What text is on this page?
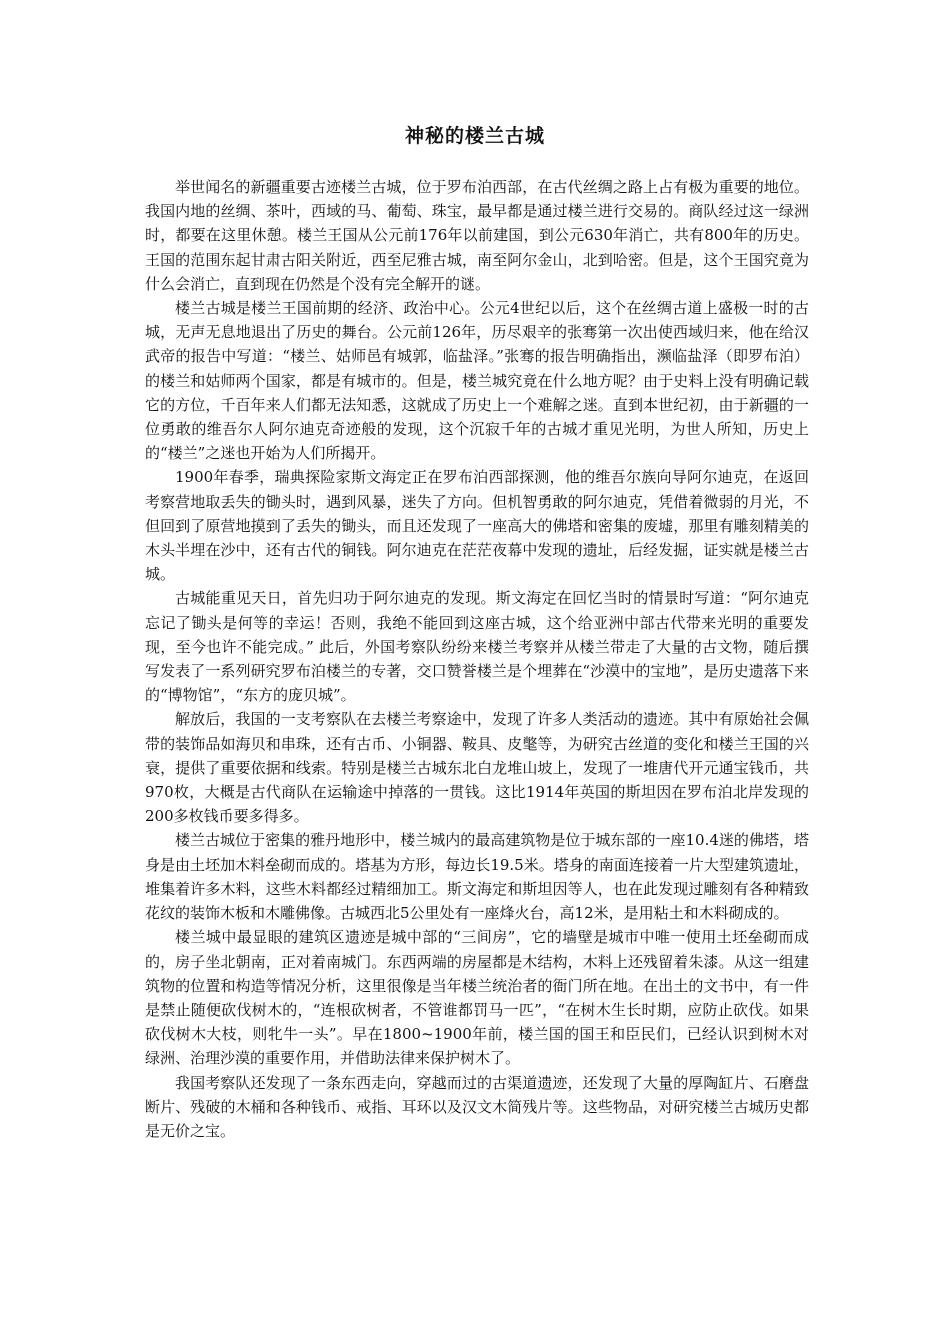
神秘的楼兰古城

举世闻名的新疆重要古迹楼兰古城，位于罗布泊西部，在古代丝绸之路上占有极为重要的地位。我国内地的丝绸、茶叶，西域的马、葡萄、珠宝，最早都是通过楼兰进行交易的。商队经过这一绿洲时，都要在这里休憩。楼兰王国从公元前176年以前建国，到公元630年消亡，共有800年的历史。王国的范围东起甘肃古阳关附近，西至尼雅古城，南至阿尔金山，北到哈密。但是，这个王国究竟为什么会消亡，直到现在仍然是个没有完全解开的谜。

楼兰古城是楼兰王国前期的经济、政治中心。公元4世纪以后，这个在丝绸古道上盛极一时的古城，无声无息地退出了历史的舞台。公元前126年，历尽艰辛的张骞第一次出使西域归来，他在给汉武帝的报告中写道：“楼兰、姑师邑有城郭，临盐泽。”张骞的报告明确指出，濒临盐泽（即罗布泊）的楼兰和姑师两个国家，都是有城市的。但是，楼兰城究竟在什么地方呢？由于史料上没有明确记载它的方位，千百年来人们都无法知悉，这就成了历史上一个难解之迷。直到本世纪初，由于新疆的一位勇敢的维吾尔人阿尔迪克奇迹般的发现，这个沉寂千年的古城才重见光明，为世人所知，历史上的“楼兰”之迷也开始为人们所揭开。

1900年春季，瑞典探险家斯文海定正在罗布泊西部探测，他的维吾尔族向导阿尔迪克，在返回考察营地取丢失的锄头时，遇到风暴，迷失了方向。但机智勇敢的阿尔迪克，凭借着微弱的月光，不但回到了原营地摸到了丢失的锄头，而且还发现了一座高大的佛塔和密集的废墟，那里有雕刻精美的木头半埋在沙中，还有古代的铜钱。阿尔迪克在茫茫夜幕中发现的遗址，后经发掘，证实就是楼兰古城。

古城能重见天日，首先归功于阿尔迪克的发现。斯文海定在回忆当时的情景时写道：“阿尔迪克忘记了锄头是何等的幸运！否则，我绝不能回到这座古城，这个给亚洲中部古代带来光明的重要发现，至今也许不能完成。” 此后，外国考察队纷纷来楼兰考察并从楼兰带走了大量的古文物，随后撰写发表了一系列研究罗布泊楼兰的专著，交口赞誉楼兰是个埋葬在“沙漠中的宝地”，是历史遗落下来的“博物馆”，“东方的庞贝城”。

解放后，我国的一支考察队在去楼兰考察途中，发现了许多人类活动的遗迹。其中有原始社会佩带的装饰品如海贝和串珠，还有古币、小铜器、鞍具、皮氅等，为研究古丝道的变化和楼兰王国的兴衰，提供了重要依据和线索。特别是楼兰古城东北白龙堆山坡上，发现了一堆唐代开元通宝钱币，共970枚，大概是古代商队在运输途中掉落的一贯钱。这比1914年英国的斯坦因在罗布泊北岸发现的200多枚钱币要多得多。

楼兰古城位于密集的雅丹地形中，楼兰城内的最高建筑物是位于城东部的一座10.4迷的佛塔，塔身是由土坯加木料垒砌而成的。塔基为方形，每边长19.5米。塔身的南面连接着一片大型建筑遗址，堆集着许多木料，这些木料都经过精细加工。斯文海定和斯坦因等人，也在此发现过雕刻有各种精致花纹的装饰木板和木雕佛像。古城西北5公里处有一座烽火台，高12米，是用粘土和木料砌成的。

楼兰城中最显眼的建筑区遗迹是城中部的“三间房”，它的墙壁是城市中唯一使用土坯垒砌而成的，房子坐北朝南，正对着南城门。东西两端的房屋都是木结构，木料上还残留着朱漆。从这一组建筑物的位置和构造等情况分析，这里很像是当年楼兰统治者的衙门所在地。在出土的文书中，有一件是禁止随便砍伐树木的，“连根砍树者，不管谁都罚马一匹”，“在树木生长时期，应防止砍伐。如果砍伐树木大枝，则牝牛一头”。早在1800~1900年前，楼兰国的国王和臣民们，已经认识到树木对绿洲、治理沙漠的重要作用，并借助法律来保护树木了。

我国考察队还发现了一条东西走向，穿越而过的古渠道遗迹，还发现了大量的厚陶缸片、石磨盘断片、残破的木桶和各种钱币、戒指、耳环以及汉文木简残片等。这些物品，对研究楼兰古城历史都是无价之宝。
